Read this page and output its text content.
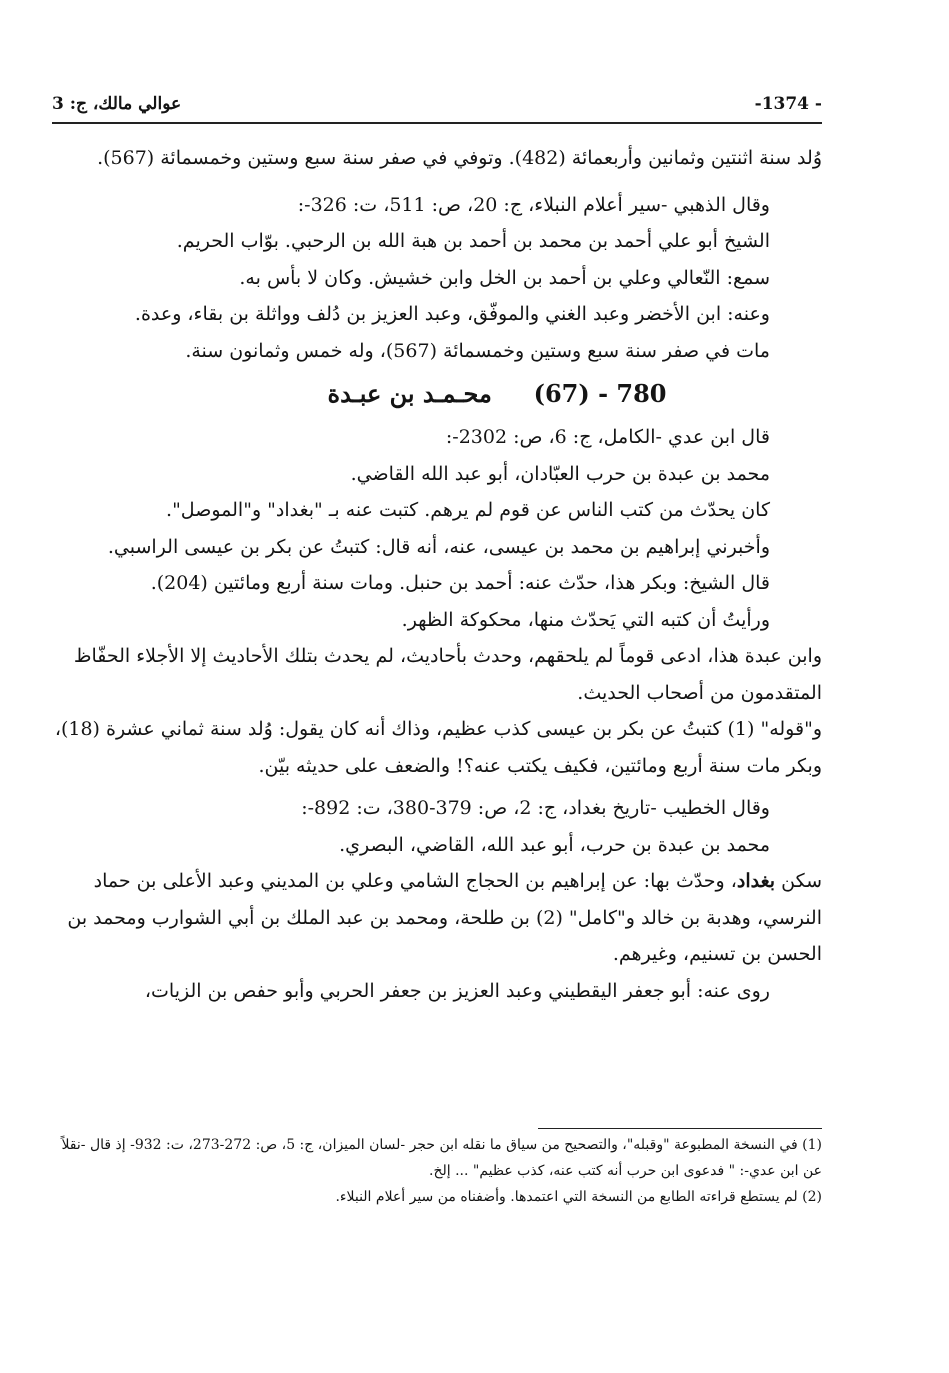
عوالي مالك، ج: 3	-1374 -

وُلد سنة اثنتين وثمانين وأربعمائة (482). وتوفي في صفر سنة سبع وستين وخمسمائة (567).

وقال الذهبي -سير أعلام النبلاء، ج: 20، ص: 511، ت: 326-:

الشيخ أبو علي أحمد بن محمد بن أحمد بن هبة الله بن الرحبي. بوّاب الحريم.

سمع: النّعالي وعلي بن أحمد بن الخل وابن خشيش. وكان لا بأس به.

وعنه: ابن الأخضر وعبد الغني والموفّق، وعبد العزيز بن دُلف وواثلة بن بقاء، وعدة.

مات في صفر سنة سبع وستين وخمسمائة (567)، وله خمس وثمانون سنة.

780 - (67)     محـمـد بن عبـدة

قال ابن عدي -الكامل، ج: 6، ص: 2302-:

محمد بن عبدة بن حرب العبّادان، أبو عبد الله القاضي.

كان يحدّث من كتب الناس عن قوم لم يرهم. كتبت عنه بـ "بغداد" و"الموصل".

وأخبرني إبراهيم بن محمد بن عيسى، عنه، أنه قال: كتبتُ عن بكر بن عيسى الراسبي.

قال الشيخ: وبكر هذا، حدّث عنه: أحمد بن حنبل. ومات سنة أربع ومائتين (204).

ورأيتُ أن كتبه التي يَحدّث منها، محكوكة الظهر.

وابن عبدة هذا، ادعى قوماً لم يلحقهم، وحدث بأحاديث، لم يحدث بتلك الأحاديث إلا الأجلاء الحفّاظ المتقدمون من أصحاب الحديث.

و"قوله" (1) كتبتُ عن بكر بن عيسى كذب عظيم، وذاك أنه كان يقول: وُلد سنة ثماني عشرة (18)، وبكر مات سنة أربع ومائتين، فكيف يكتب عنه؟! والضعف على حديثه بيّن.

وقال الخطيب -تاريخ بغداد، ج: 2، ص: 379-380، ت: 892-:

محمد بن عبدة بن حرب، أبو عبد الله، القاضي، البصري.

سكن بغداد، وحدّث بها: عن إبراهيم بن الحجاج الشامي وعلي بن المديني وعبد الأعلى بن حماد النرسي، وهدبة بن خالد و"كامل" (2) بن طلحة، ومحمد بن عبد الملك بن أبي الشوارب ومحمد بن الحسن بن تسنيم، وغيرهم.

روى عنه: أبو جعفر اليقطيني وعبد العزيز بن جعفر الحربي وأبو حفص بن الزيات،

(1) في النسخة المطبوعة "وقبله"، والتصحيح من سياق ما نقله ابن حجر -لسان الميزان، ج: 5، ص: 272-273، ت: 932- إذ قال -نقلاً عن ابن عدي-: " فدعوى ابن حرب أنه كتب عنه، كذب عظيم" ... إلخ.

(2) لم يستطع قراءته الطابع من النسخة التي اعتمدها. وأضفناه من سير أعلام النبلاء.
